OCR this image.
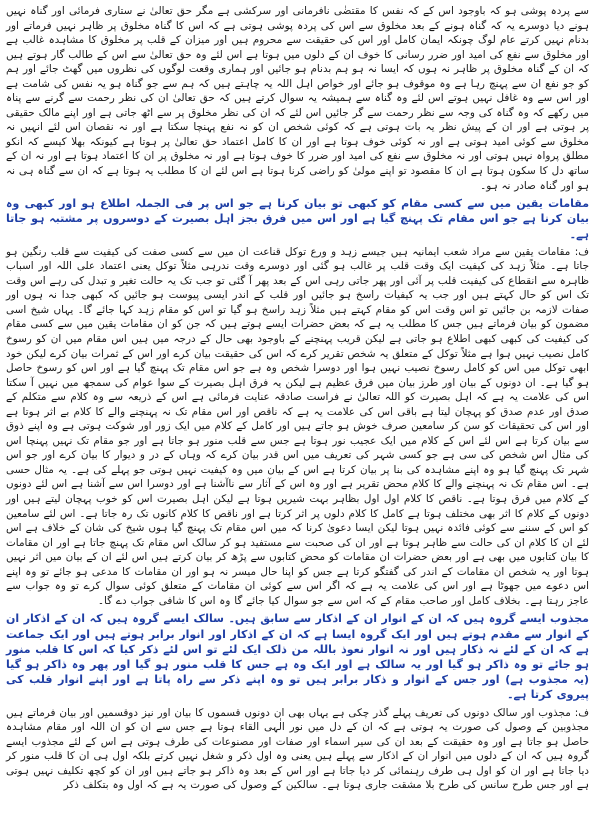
سے پردہ پوشی ہو کہ باوجود اس کے کہ نفس کا مقتضٰی نافرمانی اور سرکشی ہے مگر حق تعالیٰ نے ستاری فرمائی اور گناہ نہیں ہونے دیا دوسرے یہ کہ گناہ ہونے کے بعد مخلوق سے اس کی پردہ پوشی ہوتی ہے کہ اس کا گناہ مخلوق پر ظاہر نہیں فرماتے اور بدنام نہیں کرتے عام لوگ چونکہ ایمان کامل اور اس کی حقیقت سے محروم ہیں اور میزان کے قلب پر مخلوق کا مشاہدہ غالب ہے اور مخلوق سے نفع کی امید اور ضرر رسانی کا خوف ان کے دلوں میں ہوتا ہے اس لئے وہ حق تعالیٰ سے اس کے طالب گار ہوتے ہیں کہ ان کے گناہ مخلوق پر ظاہر نہ ہوں کہ ایسا نہ ہو ہم بدنام ہو جائیں اور ہماری وقعت لوگوں کی نظروں میں گھٹ جائے اور ہم کو جو نفع ان سے پہنچ رہا ہے وہ موقوف ہو جائے اور خواص اہل اللہ یہ چاہتے ہیں کہ ہم سے جو گناہ ہو یہ نفس کی شامت ہے اور اس سے وہ غافل نہیں ہوتے اس لئے وہ گناہ سے ہمیشہ یہ سوال کرتے ہیں کہ حق تعالیٰ ان کی نظر رحمت سے گرنے سے پناہ میں رکھے کہ وہ گناہ کی وجہ سے نظر رحمت سے گر جائیں اس لئے کہ ان کی نظر مخلوق پر سے اٹھ جاتی ہے اور اپنے مالک حقیقی پر ہوتی ہے اور ان کے پیش نظر یہ بات ہوتی ہے کہ کوئی شخص ان کو نہ نفع پہنچا سکتا ہے اور نہ نقصان اس لئے انہیں نہ مخلوق سے کوئی امید ہوتی ہے اور نہ کوئی خوف ہوتا ہے اور ان کا کامل اعتماد حق تعالیٰ پر ہوتا ہے کیونکہ بھلا کیسے کہ انکو مطلق پرواہ نہیں ہوتی اور نہ مخلوق سے نفع کی امید اور ضرر کا خوف ہوتا ہے اور نہ مخلوق پر ان کا اعتماد ہوتا ہے اور نہ ان کے ساتھ دل کا سکون ہوتا ہے ان کا مقصود تو اپنے مولیٰ کو راضی کرنا ہوتا ہے اس لئے ان کا مطلب یہ ہوتا ہے کہ ان سے گناہ ہی نہ ہو اور گناہ صادر نہ ہو۔

مقامات یقین میں سے کسی مقام کو کبھی تو بیان کرنا ہے جو اس پر فی الجملہ اطلاع ہو اور کبھی وہ بیان کرنا ہے جو اس مقام تک پہنچ گیا ہے اور اس میں فرق بجز اہل بصیرت کے دوسروں پر مشتبہ ہو جاتا ہے۔

ف: مقامات یقین سے مراد شعب ایمانیہ ہیں جیسے زہد و ورع توکل قناعت ان میں سے کسی صفت کی کیفیت سے قلب رنگین ہو جاتا ہے۔ مثلاً زہد کی کیفیت ایک وقت قلب پر غالب ہو گئی اور دوسرے وقت ندرہی مثلاً توکل یعنی اعتماد علی اللہ اور اسباب ظاہرہ سے انقطاع کی کیفیت قلب پر آئی اور پھر جاتی رہی اس کے بعد پھر آ گئی تو جب تک یہ حالت تغیر و تبدل کی رہے اس وقت تک اس کو حال کہتے ہیں اور جب یہ کیفیات راسخ ہو جائیں اور قلب کے اندر ایسی پیوست ہو جائیں کہ کبھی جدا نہ ہوں اور صفات لازمہ بن جائیں تو اس وقت اس کو مقام کہتے ہیں مثلاً زہد راسخ ہو گیا تو اس کو مقام زہد کہا جائے گا۔ یہاں شیخ اسی مضمون کو بیان فرماتے ہیں جس کا مطلب یہ ہے کہ بعض حضرات ایسے ہوتے ہیں کہ جن کو ان مقامات یقین میں سے کسی مقام کی کیفیت کی کبھی کبھی اطلاع ہو جاتی ہے لیکن قریب پہنچنے کے باوجود بھی حال کے درجہ میں ہیں اس مقام میں ان کو رسوخ کامل نصیب نہیں ہوا ہے مثلاً توکل کے متعلق یہ شخص تقریر کرے کہ اس کی حقیقت بیان کرے اور اس کے ثمرات بیان کرے لیکن خود ابھی توکل میں اس کو کامل رسوخ نصیب نہیں ہوا اور دوسرا شخص وہ ہے جو اس مقام تک پہنچ گیا ہے اور اس کو رسوخ حاصل ہو گیا ہے۔ ان دونوں کے بیان اور طرز بیان میں فرق عظیم ہے لیکن یہ فرق اہل بصیرت کے سوا عوام کی سمجھ میں نہیں آ سکتا اس کی علامت یہ ہے کہ اہل بصیرت کو اللہ تعالیٰ نے فراست صادقہ عنایت فرمائی ہے اس کے ذریعہ سے وہ کلام سے متکلم کے صدق اور عدم صدق کو پہچان لیتا ہے باقی اس کی علامت یہ ہے کہ ناقص اور اس مقام تک نہ پہنچنے والے کا کلام بے اثر ہوتا ہے اور اس کی تحقیقات کو سن کر سامعین صرف خوش ہو جاتے ہیں اور کامل کے کلام میں ایک زور اور شوکت ہوتی ہے وہ اپنے ذوق سے بیان کرتا ہے اس لئے اس کے کلام میں ایک عجیب نور ہوتا ہے جس سے قلب منور ہو جاتا ہے اور جو مقام تک نہیں پہنچا اس کی مثال اس شخص کی سی ہے جو کسی شہر کی تعریف میں اس قدر بیان کرے کہ وہاں کے در و دیوار کا بیان کرے اور جو اس شہر تک پہنچ گیا ہو وہ اپنے مشاہدہ کی بنا پر بیان کرتا ہے اس کے بیان میں وہ کیفیت نہیں ہوتی جو پہلے کی ہے۔ یہ مثال حسی ہے۔ اس مقام تک نہ پہنچنے والے کا کلام محض تقریر ہے اور وہ اس کے آثار سے ناآشنا ہے اور دوسرا اس سے آشنا ہے اس لئے دونوں کے کلام میں فرق ہوتا ہے۔ ناقص کا کلام اول اول بظاہر بہت شیریں ہوتا ہے لیکن اہل بصیرت اس کو خوب پہچان لیتے ہیں اور دونوں کے کلام کا اثر بھی مختلف ہوتا ہے کامل کا کلام دلوں پر اثر کرتا ہے اور ناقص کا کلام کانوں تک رہ جاتا ہے۔ اس لئے سامعین کو اس کے سننے سے کوئی فائدہ نہیں ہوتا لیکن ایسا دعویٰ کرنا کہ میں اس مقام تک پہنچ گیا ہوں شیخ کی شان کے خلاف ہے اس لئے ان کا کلام ان کی حالت سے ظاہر ہوتا ہے اور ان کی صحبت سے مستفید ہو کر سالک اس مقام تک پہنچ جاتا ہے اور ان مقامات کا بیان کتابوں میں بھی ہے اور بعض حضرات ان مقامات کو محض کتابوں سے پڑھ کر بیان کرتے ہیں اس لئے ان کے بیان میں اثر نہیں ہوتا اور یہ شخص ان مقامات کے اندر کی گفتگو کرتا ہے جس کو اپنا حال میسر نہ ہو اور ان مقامات کا مدعی ہو جائے تو وہ اپنے اس دعوے میں جھوٹا ہے اور اس کی علامت یہ ہے کہ اگر اس سے کوئی ان مقامات کے متعلق کوئی سوال کرے تو وہ جواب سے عاجز رہتا ہے۔ بخلاف کامل اور صاحب مقام کے کہ اس سے جو سوال کیا جائے گا وہ اس کا شافی جواب دے گا۔

مجذوب ایسے گروہ ہیں کہ ان کے انوار ان کے اذکار سے سابق ہیں۔ سالک ایسے گروہ ہیں کہ ان کے اذکار ان کے انوار سے مقدم ہوتے ہیں اور ایک گروہ ایسا ہے کہ ان کے اذکار اور انوار برابر ہوتے ہیں اور ایک جماعت ہے کہ ان کے لئے نہ ذکار ہیں اور نہ انوار نعوذ باللہ من ذلک ایک لئے تو اس لئے ذکر کیا کہ اس کا قلب منور ہو جائے تو وہ ذاکر ہو گیا اور یہ سالک ہے اور ایک وہ ہے جس کا قلب منور ہو گیا اور پھر وہ ذاکر ہو گیا (یہ مجذوب ہے) اور جس کے انوار و ذکار برابر ہیں تو وہ اپنے ذکر سے راہ پاتا ہے اور اپنے انوار قلب کی پیروی کرتا ہے۔

ف: مجذوب اور سالک دونوں کی تعریف پہلے گذر چکی ہے یہاں بھی ان دونوں قسموں کا بیان اور نیز دوقسمیں اور بیان فرماتے ہیں مجذوبین کے وصول کی صورت یہ ہوتی ہے کہ ان کے دل میں نور الٰہی القاء ہوتا ہے جس سے ان کو ان اللہ اور مقام مشاہدہ حاصل ہو جاتا ہے اور وہ حقیقت کے بعد ان کی سیر اسماء اور صفات اور مصنوعات کی طرف ہوتی ہے اس کے لئے مجذوب ایسے گروہ ہیں کہ ان کے دلوں میں انوار ان کے اذکار سے پہلے ہیں یعنی وہ اول ذکر و شغل نہیں کرتے بلکہ اول ہی ان کا قلب منور کر دیا جاتا ہے اور ان کو اول ہی طرف رہنمائی کر دیا جاتا ہے اور اس کے بعد وہ ذاکر ہو جاتے ہیں اور ان کو کچھ تکلیف نہیں ہوتی ہے اور جس طرح سانس کی طرح بلا مشقت جاری ہوتا ہے۔ سالکین کے وصول کی صورت یہ ہے کہ اول وہ بتکلف ذکر
